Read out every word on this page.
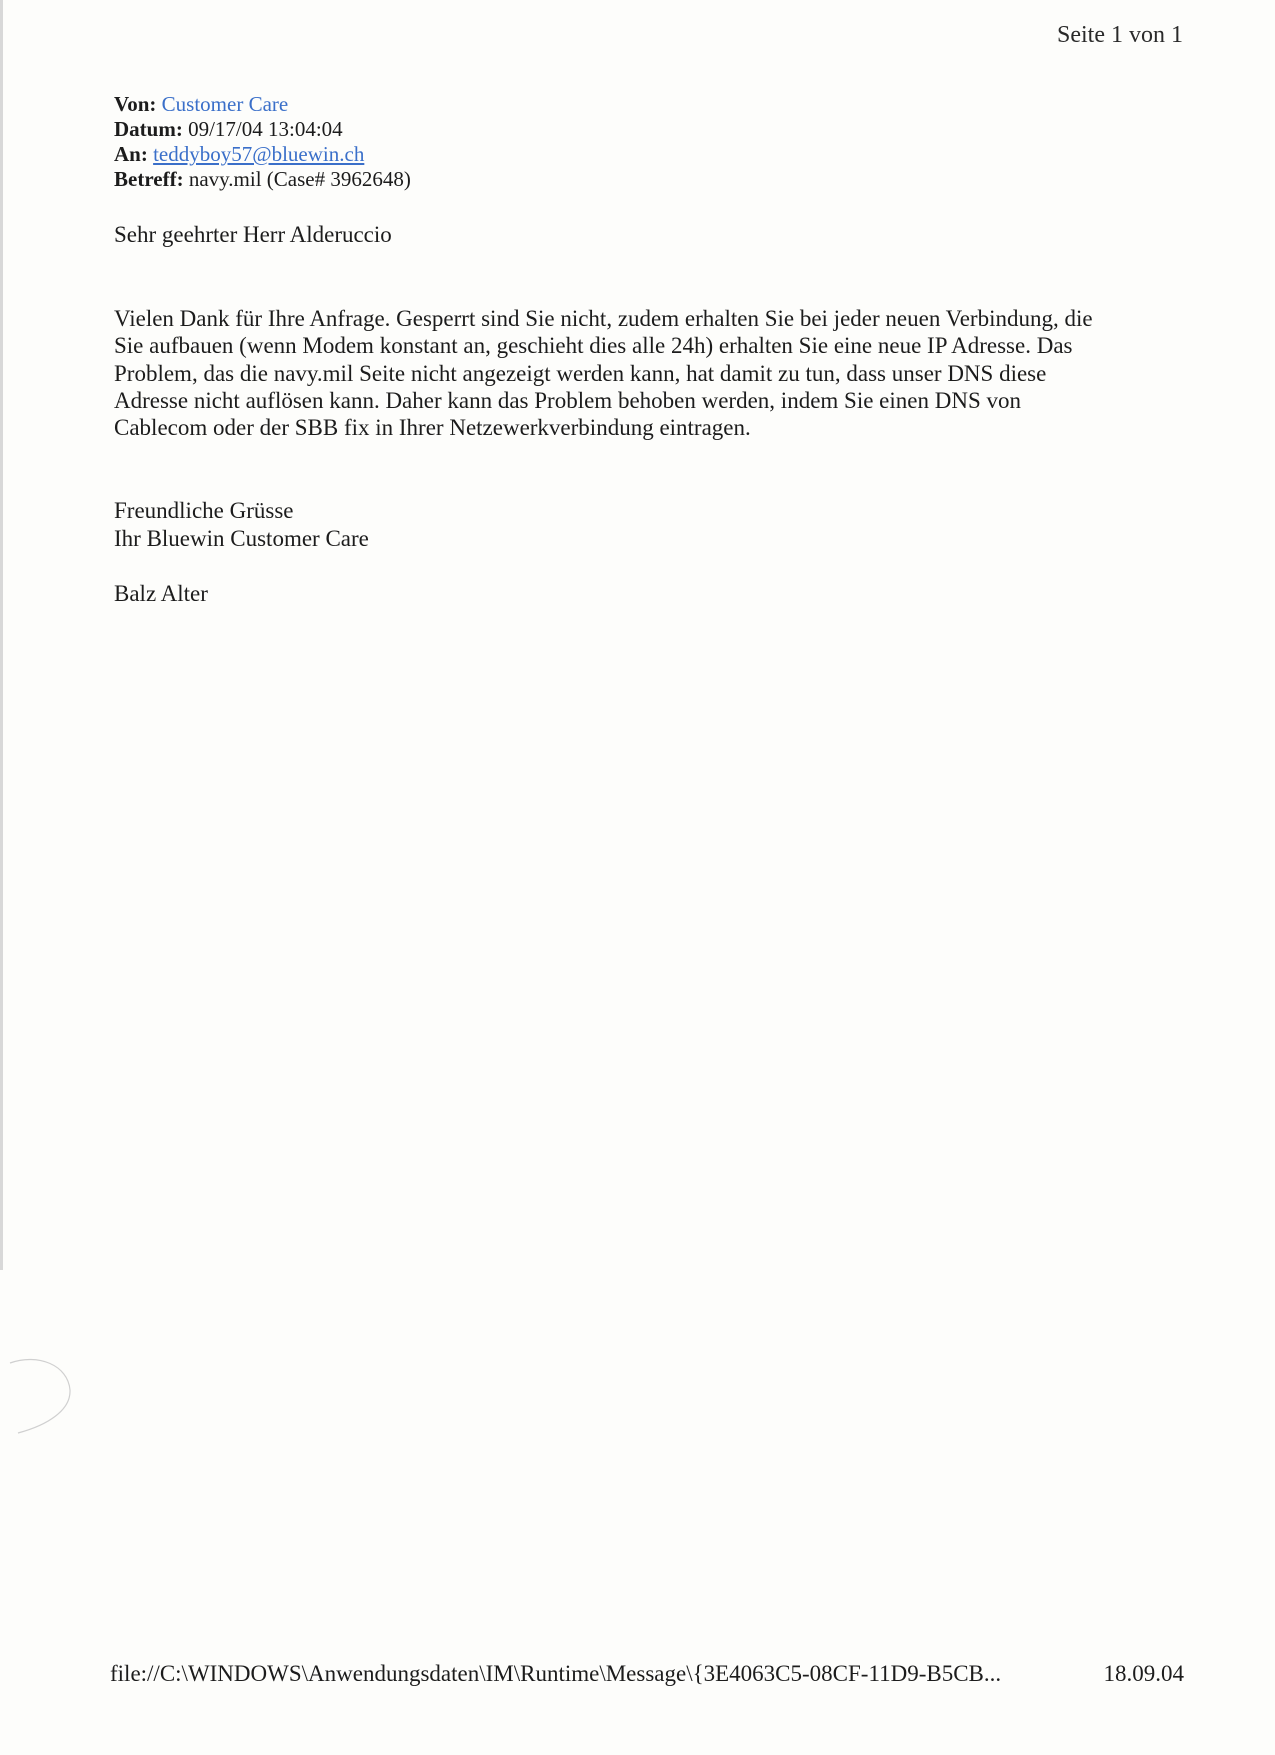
Seite 1 von 1
Von: Customer Care
Datum: 09/17/04 13:04:04
An: teddyboy57@bluewin.ch
Betreff: navy.mil (Case# 3962648)
Sehr geehrter Herr Alderuccio
Vielen Dank für Ihre Anfrage. Gesperrt sind Sie nicht, zudem erhalten Sie bei jeder neuen Verbindung, die
Sie aufbauen (wenn Modem konstant an, geschieht dies alle 24h) erhalten Sie eine neue IP Adresse. Das
Problem, das die navy.mil Seite nicht angezeigt werden kann, hat damit zu tun, dass unser DNS diese
Adresse nicht auflösen kann. Daher kann das Problem behoben werden, indem Sie einen DNS von
Cablecom oder der SBB fix in Ihrer Netzewerkverbindung eintragen.
Freundliche Grüsse
Ihr Bluewin Customer Care
Balz Alter
file://C:\WINDOWS\Anwendungsdaten\IM\Runtime\Message\{3E4063C5-08CF-11D9-B5CB...	18.09.04
